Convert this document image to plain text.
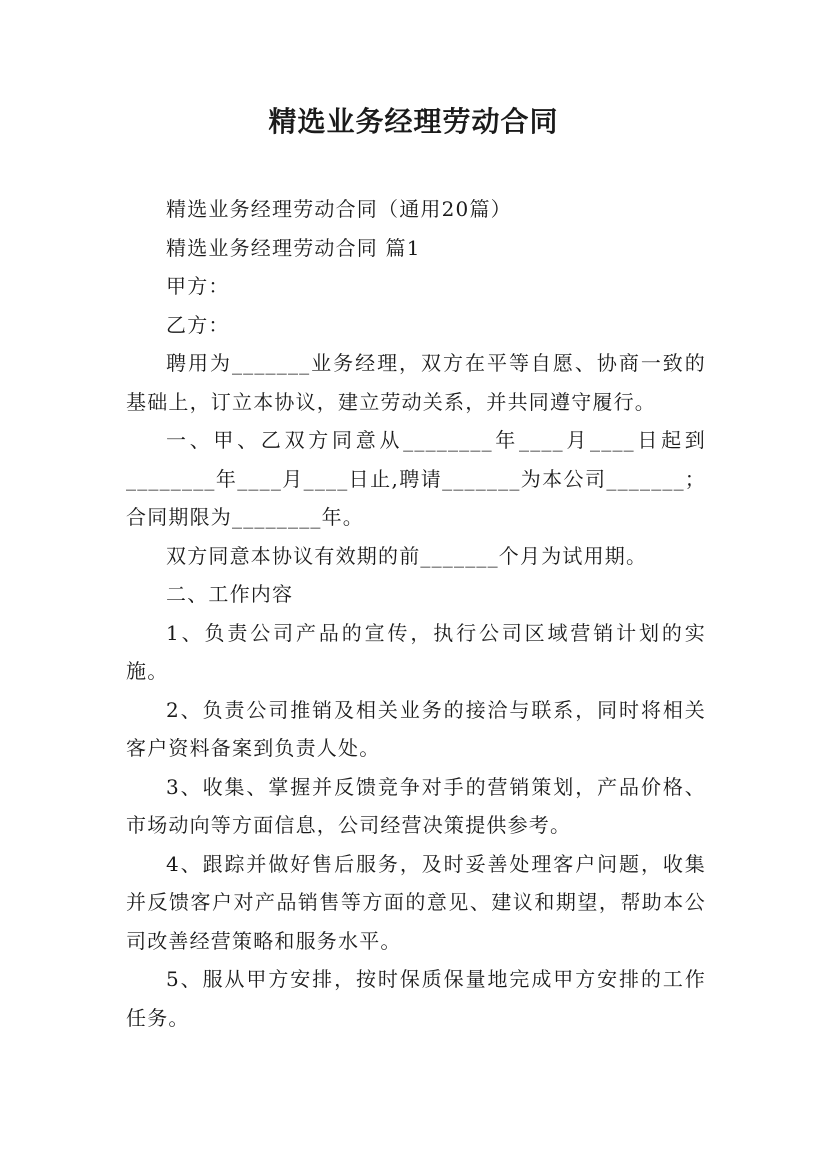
精选业务经理劳动合同

精选业务经理劳动合同（通用20篇）

精选业务经理劳动合同 篇1

甲方：

乙方：

聘用为_______业务经理，双方在平等自愿、协商一致的基础上，订立本协议，建立劳动关系，并共同遵守履行。

一、甲、乙双方同意从________年____月____日起到________年____月____日止,聘请_______为本公司_______；合同期限为________年。

双方同意本协议有效期的前_______个月为试用期。

二、工作内容

1、负责公司产品的宣传，执行公司区域营销计划的实施。

2、负责公司推销及相关业务的接洽与联系，同时将相关客户资料备案到负责人处。

3、收集、掌握并反馈竞争对手的营销策划，产品价格、市场动向等方面信息，公司经营决策提供参考。

4、跟踪并做好售后服务，及时妥善处理客户问题，收集并反馈客户对产品销售等方面的意见、建议和期望，帮助本公司改善经营策略和服务水平。

5、服从甲方安排，按时保质保量地完成甲方安排的工作任务。
